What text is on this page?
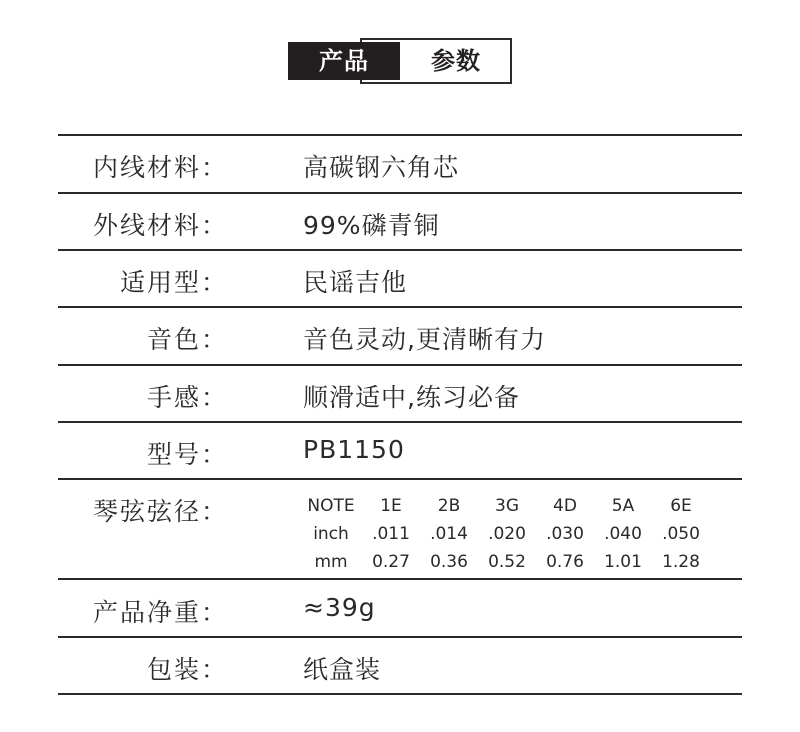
产品	参数
内线材料：	高碳钢六角芯
外线材料：	99%磷青铜
适用型：	民谣吉他
音色：	音色灵动,更清晰有力
手感：	顺滑适中,练习必备
型号：	PB1150
琴弦弦径：	NOTE	1E	2B	3G	4D	5A	6E
inch	.011	.014	.020	.030	.040	.050
mm	0.27	0.36	0.52	0.76	1.01	1.28
产品净重：	≈39g
包装：	纸盒装
